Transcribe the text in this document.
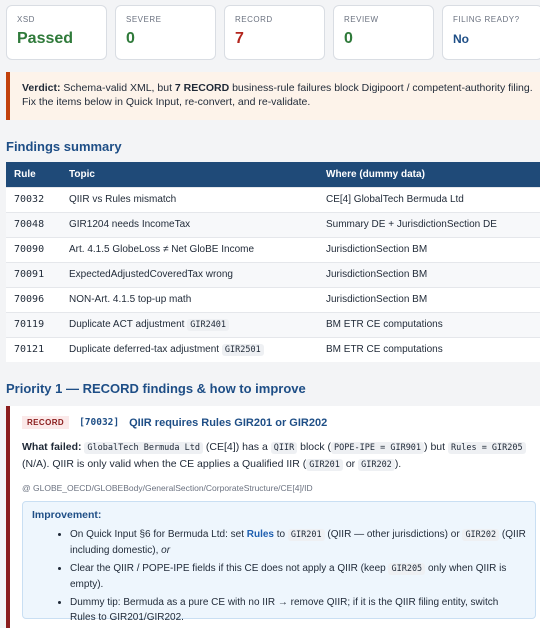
XSD
Passed
SEVERE
0
RECORD
7
REVIEW
0
FILING READY?
No
Verdict: Schema-valid XML, but 7 RECORD business-rule failures block Digipoort / competent-authority filing. Fix the items below in Quick Input, re-convert, and re-validate.
Findings summary
Rule	Topic	Where (dummy data)
70032	QIIR vs Rules mismatch	CE[4] GlobalTech Bermuda Ltd
70048	GIR1204 needs IncomeTax	Summary DE + JurisdictionSection DE
70090	Art. 4.1.5 GlobeLoss ≠ Net GloBE Income	JurisdictionSection BM
70091	ExpectedAdjustedCoveredTax wrong	JurisdictionSection BM
70096	NON-Art. 4.1.5 top-up math	JurisdictionSection BM
70119	Duplicate ACT adjustment GIR2401	BM ETR CE computations
70121	Duplicate deferred-tax adjustment GIR2501	BM ETR CE computations
Priority 1 — RECORD findings & how to improve
RECORD	[70032] QIIR requires Rules GIR201 or GIR202
What failed: GlobalTech Bermuda Ltd (CE[4]) has a QIIR block ( POPE-IPE = GIR901 ) but Rules = GIR205 (N/A). QIIR is only valid when the CE applies a Qualified IIR ( GIR201 or GIR202 ).
@ GLOBE_OECD/GLOBEBody/GeneralSection/CorporateStructure/CE[4]/ID
Improvement:
• On Quick Input §6 for Bermuda Ltd: set Rules to GIR201 (QIIR — other jurisdictions) or GIR202 (QIIR including domestic), or
• Clear the QIIR / POPE-IPE fields if this CE does not apply a QIIR (keep GIR205 only when QIIR is empty).
• Dummy tip: Bermuda as a pure CE with no IIR → remove QIIR; if it is the QIIR filing entity, switch Rules to GIR201/GIR202.
